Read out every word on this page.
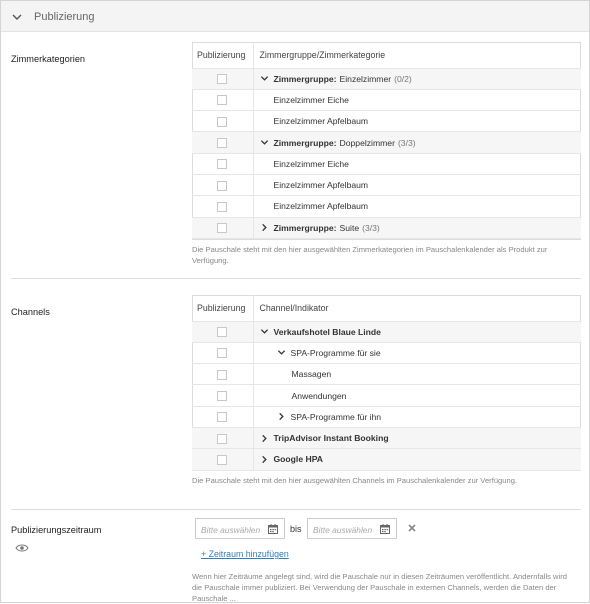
Publizierung
Zimmerkategorien	Publizierung	Zimmergruppe/Zimmerkategorie

	Zimmergruppe: Einzelzimmer (0/2)

	Einzelzimmer Eiche

	Einzelzimmer Apfelbaum

	Zimmergruppe: Doppelzimmer (3/3)

	Einzelzimmer Eiche

	Einzelzimmer Apfelbaum

	Einzelzimmer Apfelbaum

	Zimmergruppe: Suite (3/3)
Die Pauschale steht mit den hier ausgewählten Zimmerkategorien im Pauschalenkalender als Produkt zur Verfügung.
Channels	Publizierung	Channel/Indikator

	Verkaufshotel Blaue Linde

	SPA-Programme für sie

	Massagen

	Anwendungen

	SPA-Programme für ihn

	TripAdvisor Instant Booking

	Google HPA
Die Pauschale steht mit den hier ausgewählten Channels im Pauschalenkalender zur Verfügung.
Publizierungszeitraum	Bitte auswählen	bis Bitte auswählen
+ Zeitraum hinzufügen
Wenn hier Zeiträume angelegt sind, wird die Pauschale nur in diesen Zeiträumen veröffentlicht. Andernfalls wird die Pauschale immer publiziert. Bei Verwendung der Pauschale in externen Channels, werden die Daten der Pauschale ...
